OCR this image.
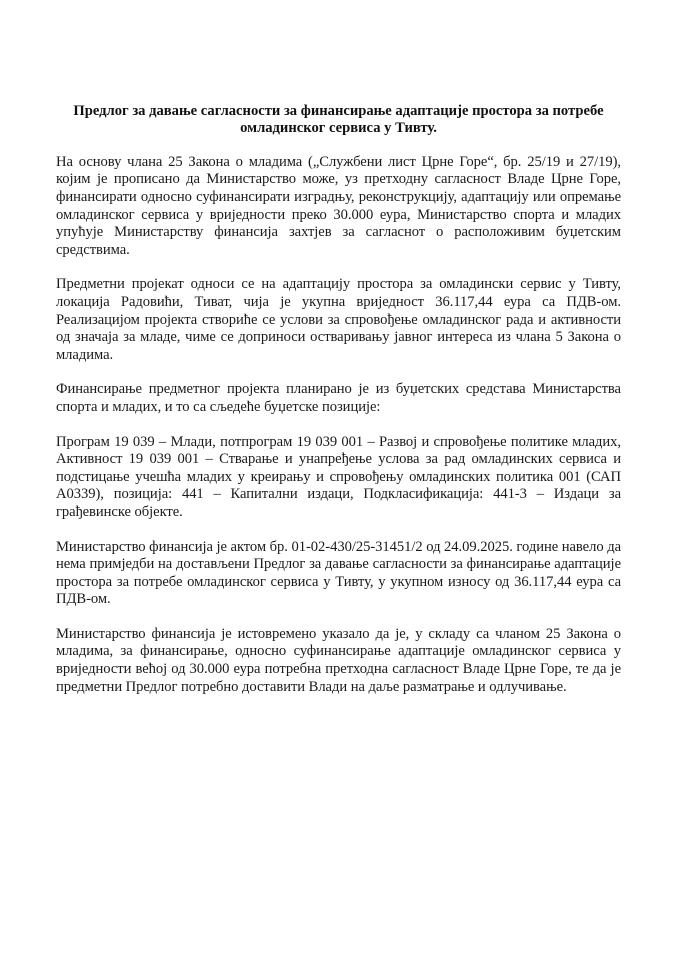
Предлог за давање сагласности за финансирање адаптације простора за потребе омладинског сервиса у Тивту.

На основу члана 25 Закона о младима („Службени лист Црне Горе“, бр. 25/19 и 27/19), којим је прописано да Министарство може, уз претходну сагласност Владе Црне Горе, финансирати односно суфинансирати изградњу, реконструкцију, адаптацију или опремање омладинског сервиса у вриједности преко 30.000 еура, Министарство спорта и младих упућује Министарству финансија захтјев за сагласнот о расположивим буџетским средствима.

Предметни пројекат односи се на адаптацију простора за омладински сервис у Тивту, локација Радовићи, Тиват, чија је укупна вриједност 36.117,44 еура са ПДВ-ом. Реализацијом пројекта створиће се услови за спровођење омладинског рада и активности од значаја за младе, чиме се доприноси остваривању јавног интереса из члана 5 Закона о младима.

Финансирање предметног пројекта планирано је из буџетских средстава Министарства спорта и младих, и то са сљедеће буџетске позиције:

Програм 19 039 – Млади, потпрограм 19 039 001 – Развој и спровођење политике младих, Активност 19 039 001 – Стварање и унапређење услова за рад омладинских сервиса и подстицање учешћа младих у креирању и спровођењу омладинских политика 001 (САП А0339), позиција: 441 – Капитални издаци, Подкласификација: 441-3 – Издаци за грађевинске објекте.

Министарство финансија је актом бр. 01-02-430/25-31451/2 од 24.09.2025. године навело да нема примједби на достављени Предлог за давање сагласности за финансирање адаптације простора за потребе омладинског сервиса у Тивту, у укупном износу од 36.117,44 еура са ПДВ-ом.

Министарство финансија је истовремено указало да је, у складу са чланом 25 Закона о младима, за финансирање, односно суфинансирање адаптације омладинског сервиса у вриједности већој од 30.000 еура потребна претходна сагласност Владе Црне Горе, те да је предметни Предлог потребно доставити Влади на даље разматрање и одлучивање.
